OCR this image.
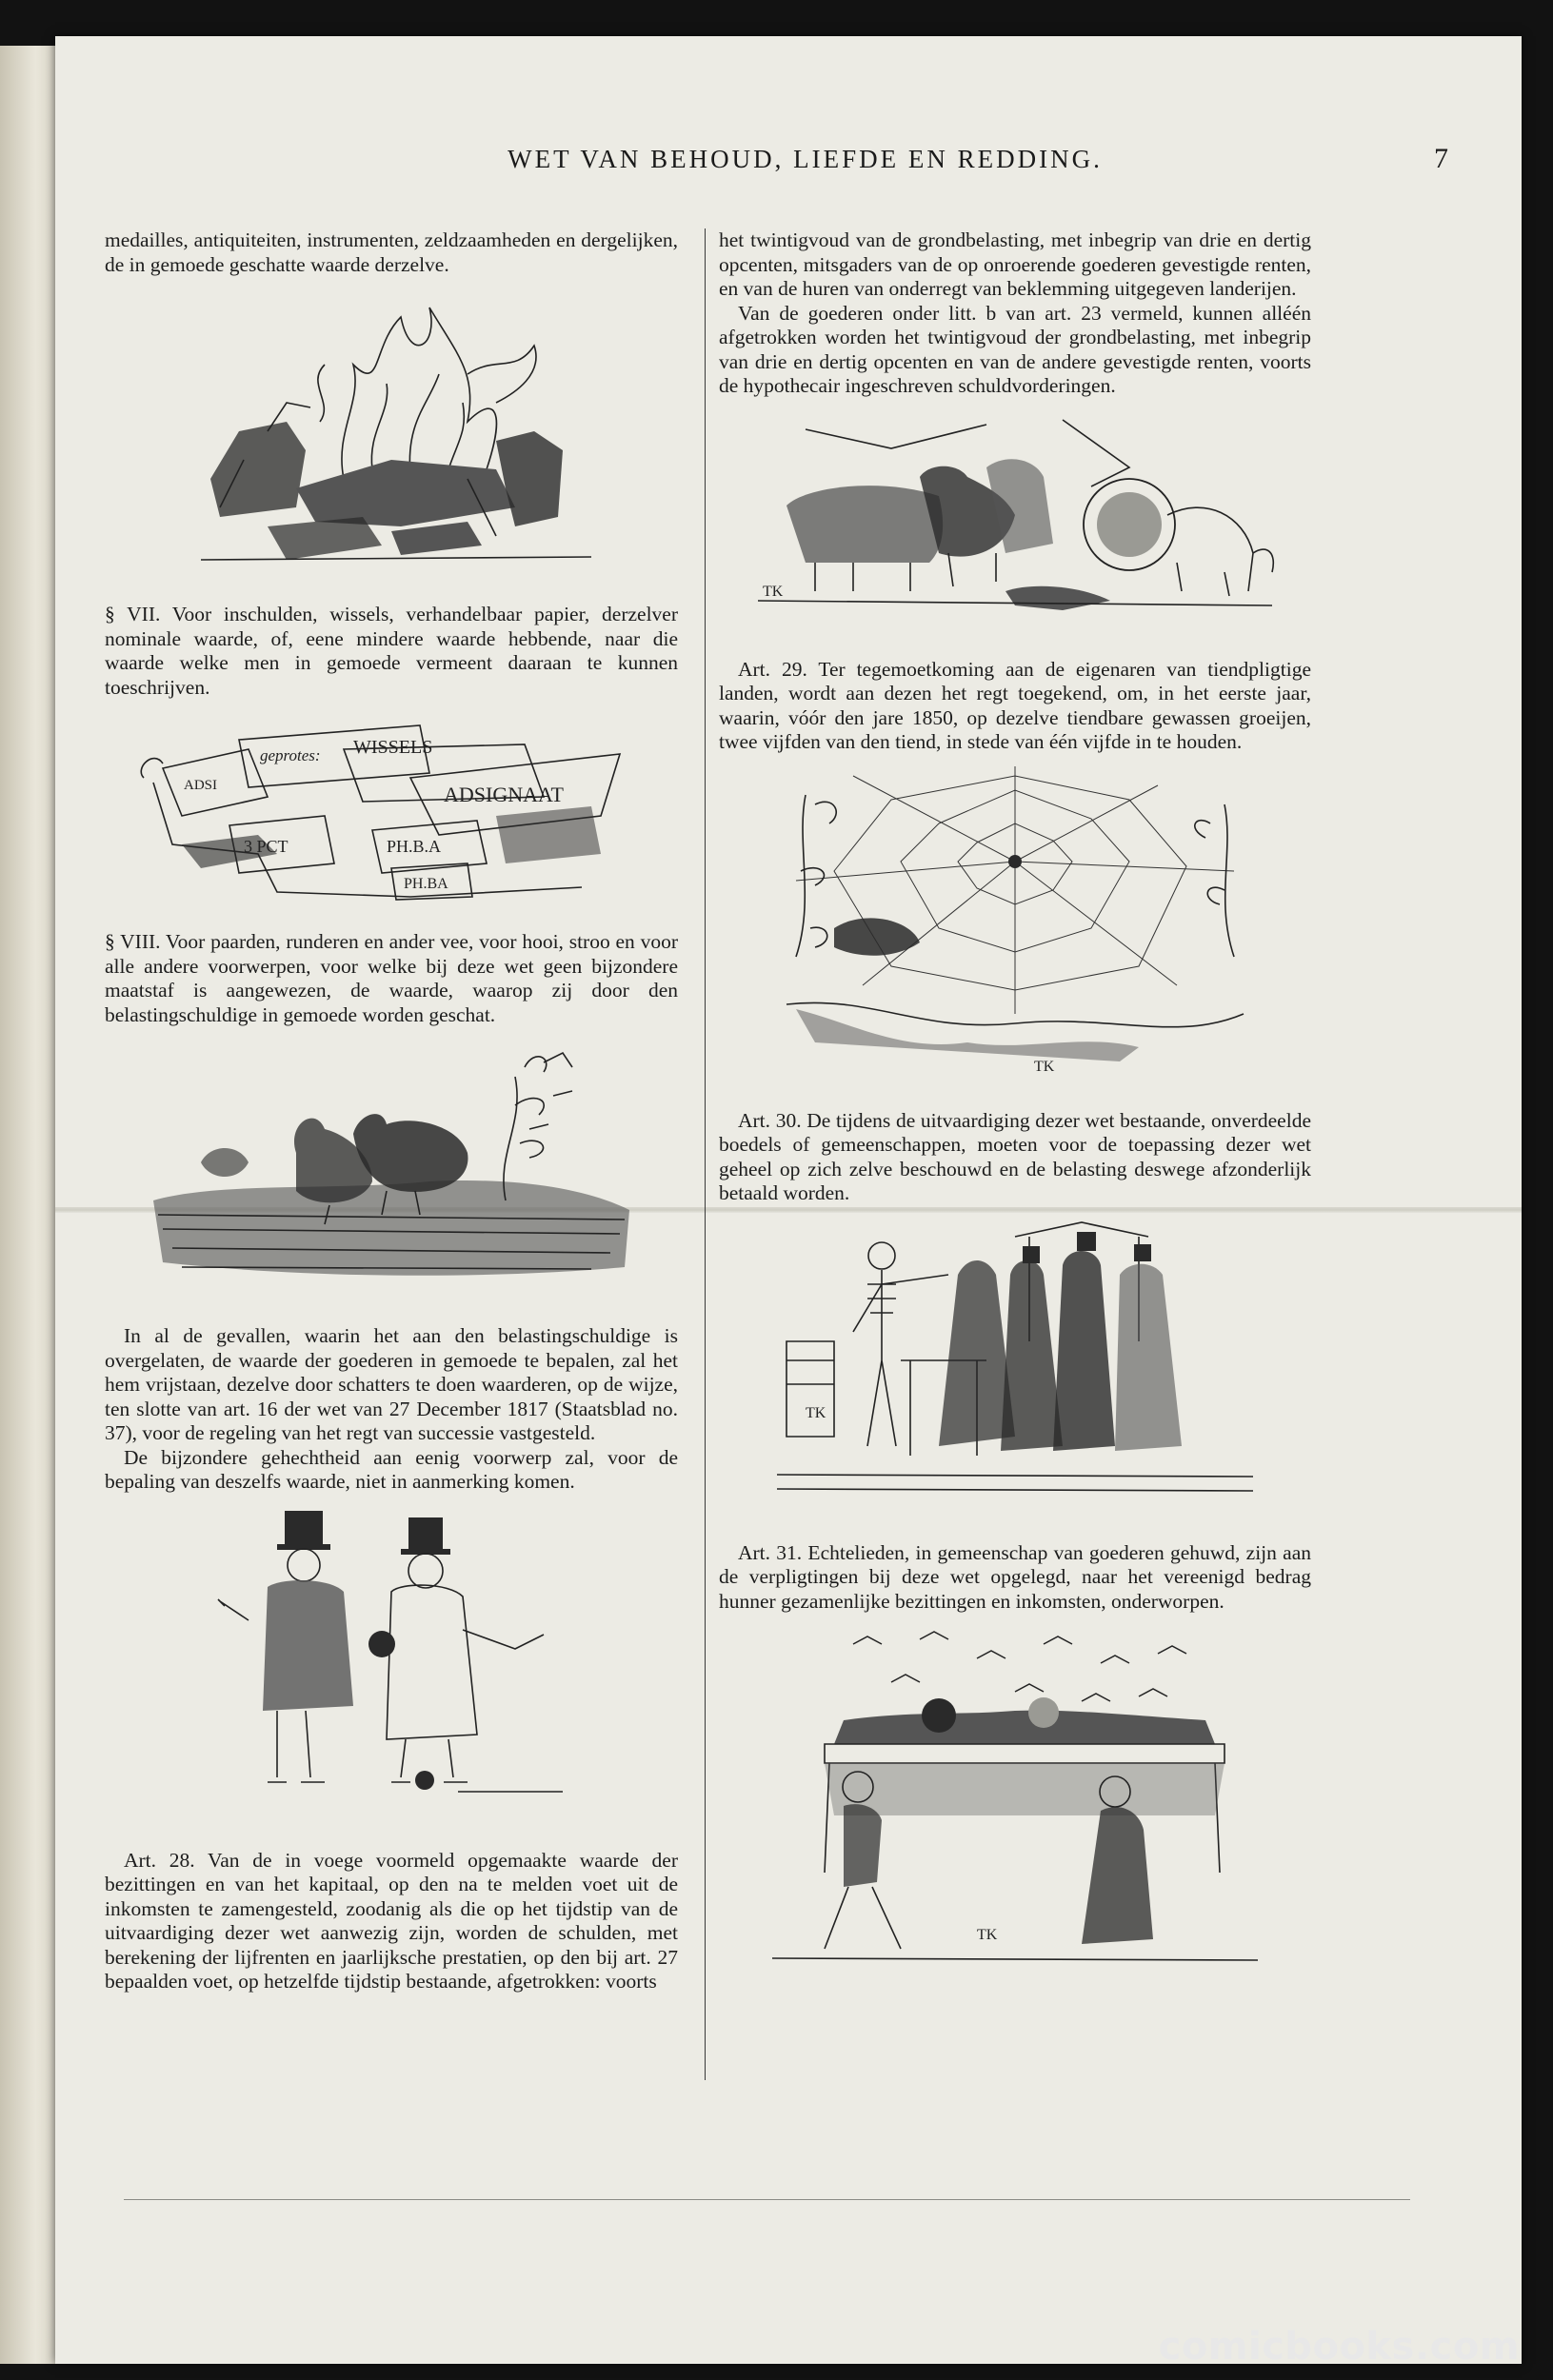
WET VAN BEHOUD, LIEFDE EN REDDING.	7

medailles, antiquiteiten, instrumenten, zeldzaamheden en dergelijken, de in gemoede geschatte waarde derzelve.

§ VII. Voor inschulden, wissels, verhandelbaar papier, derzelver nominale waarde, of, eene mindere waarde hebbende, naar die waarde welke men in gemoede vermeent daaraan te kunnen toeschrijven.

ADSI
geprotes: WISSELS
ADSIGNAAT
3 PCT	PH.B.A
PH.BA

§ VIII. Voor paarden, runderen en ander vee, voor hooi, stroo en voor alle andere voorwerpen, voor welke bij deze wet geen bijzondere maatstaf is aangewezen, de waarde, waarop zij door den belastingschuldige in gemoede worden geschat.

In al de gevallen, waarin het aan den belastingschuldige is overgelaten, de waarde der goederen in gemoede te bepalen, zal het hem vrijstaan, dezelve door schatters te doen waarderen, op de wijze, ten slotte van art. 16 der wet van 27 December 1817 (Staatsblad no. 37), voor de regeling van het regt van successie vastgesteld.

De bijzondere gehechtheid aan eenig voorwerp zal, voor de bepaling van deszelfs waarde, niet in aanmerking komen.

Art. 28. Van de in voege voormeld opgemaakte waarde der bezittingen en van het kapitaal, op den na te melden voet uit de inkomsten te zamengesteld, zoodanig als die op het tijdstip van de uitvaardiging dezer wet aanwezig zijn, worden de schulden, met berekening der lijfrenten en jaarlijksche prestatien, op den bij art. 27 bepaalden voet, op hetzelfde tijdstip bestaande, afgetrokken: voorts

het twintigvoud van de grondbelasting, met inbegrip van drie en dertig opcenten, mitsgaders van de op onroerende goederen gevestigde renten, en van de huren van onderregt van beklemming uitgegeven landerijen.

Van de goederen onder litt. b van art. 23 vermeld, kunnen alléén afgetrokken worden het twintigvoud der grondbelasting, met inbegrip van drie en dertig opcenten en van de andere gevestigde renten, voorts de hypothecair ingeschreven schuldvorderingen.

TK

Art. 29. Ter tegemoetkoming aan de eigenaren van tiendpligtige landen, wordt aan dezen het regt toegekend, om, in het eerste jaar, waarin, vóór den jare 1850, op dezelve tiendbare gewassen groeijen, twee vijfden van den tiend, in stede van één vijfde in te houden.

TK

Art. 30. De tijdens de uitvaardiging dezer wet bestaande, onverdeelde boedels of gemeenschappen, moeten voor de toepassing dezer wet geheel op zich zelve beschouwd en de belasting deswege afzonderlijk betaald worden.

TK

Art. 31. Echtelieden, in gemeenschap van goederen gehuwd, zijn aan de verpligtingen bij deze wet opgelegd, naar het vereenigd bedrag hunner gezamenlijke bezittingen en inkomsten, onderworpen.

TK
comicbooks.com
